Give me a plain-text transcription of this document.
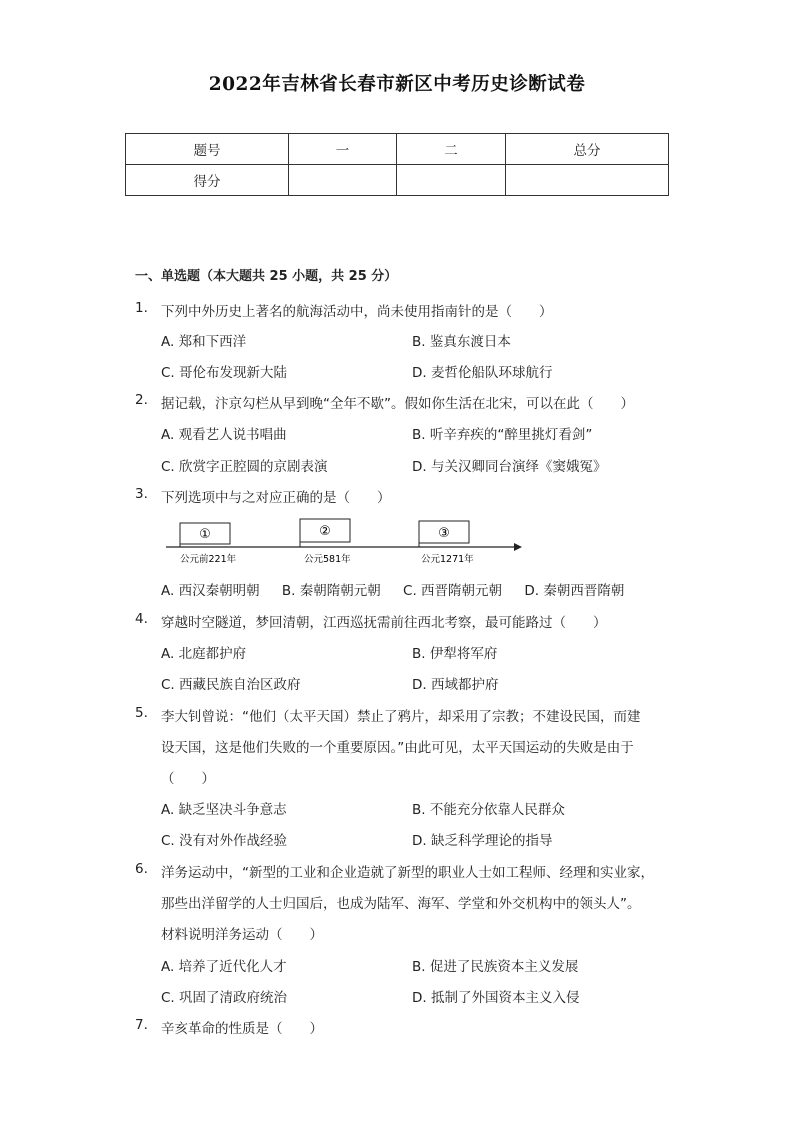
2022年吉林省长春市新区中考历史诊断试卷
题号	一	二	总分
得分			
一、单选题（本大题共 25 小题，共 25 分）
1. 下列中外历史上著名的航海活动中，尚未使用指南针的是（　　）
A. 郑和下西洋	B. 鉴真东渡日本
C. 哥伦布发现新大陆	D. 麦哲伦船队环球航行
2. 据记载，汴京勾栏从早到晚“全年不歇”。假如你生活在北宋，可以在此（　　）
A. 观看艺人说书唱曲	B. 听辛弃疾的“醉里挑灯看剑”
C. 欣赏字正腔圆的京剧表演	D. 与关汉卿同台演绎《窦娥冤》
3. 下列选项中与之对应正确的是（　　）
①	②	③
公元前221年	公元581年	公元1271年
A. 西汉秦朝明朝 B. 秦朝隋朝元朝 C. 西晋隋朝元朝 D. 秦朝西晋隋朝
4. 穿越时空隧道，梦回清朝，江西巡抚需前往西北考察，最可能路过（　　）
A. 北庭都护府	B. 伊犁将军府
C. 西藏民族自治区政府	D. 西域都护府
5. 李大钊曾说：“他们（太平天国）禁止了鸦片，却采用了宗教；不建设民国，而建
设天国，这是他们失败的一个重要原因。”由此可见，太平天国运动的失败是由于
（　　）
A. 缺乏坚决斗争意志	B. 不能充分依靠人民群众
C. 没有对外作战经验	D. 缺乏科学理论的指导
6. 洋务运动中，“新型的工业和企业造就了新型的职业人士如工程师、经理和实业家，
那些出洋留学的人士归国后，也成为陆军、海军、学堂和外交机构中的领头人”。
材料说明洋务运动（　　）
A. 培养了近代化人才	B. 促进了民族资本主义发展
C. 巩固了清政府统治	D. 抵制了外国资本主义入侵
7. 辛亥革命的性质是（　　）
